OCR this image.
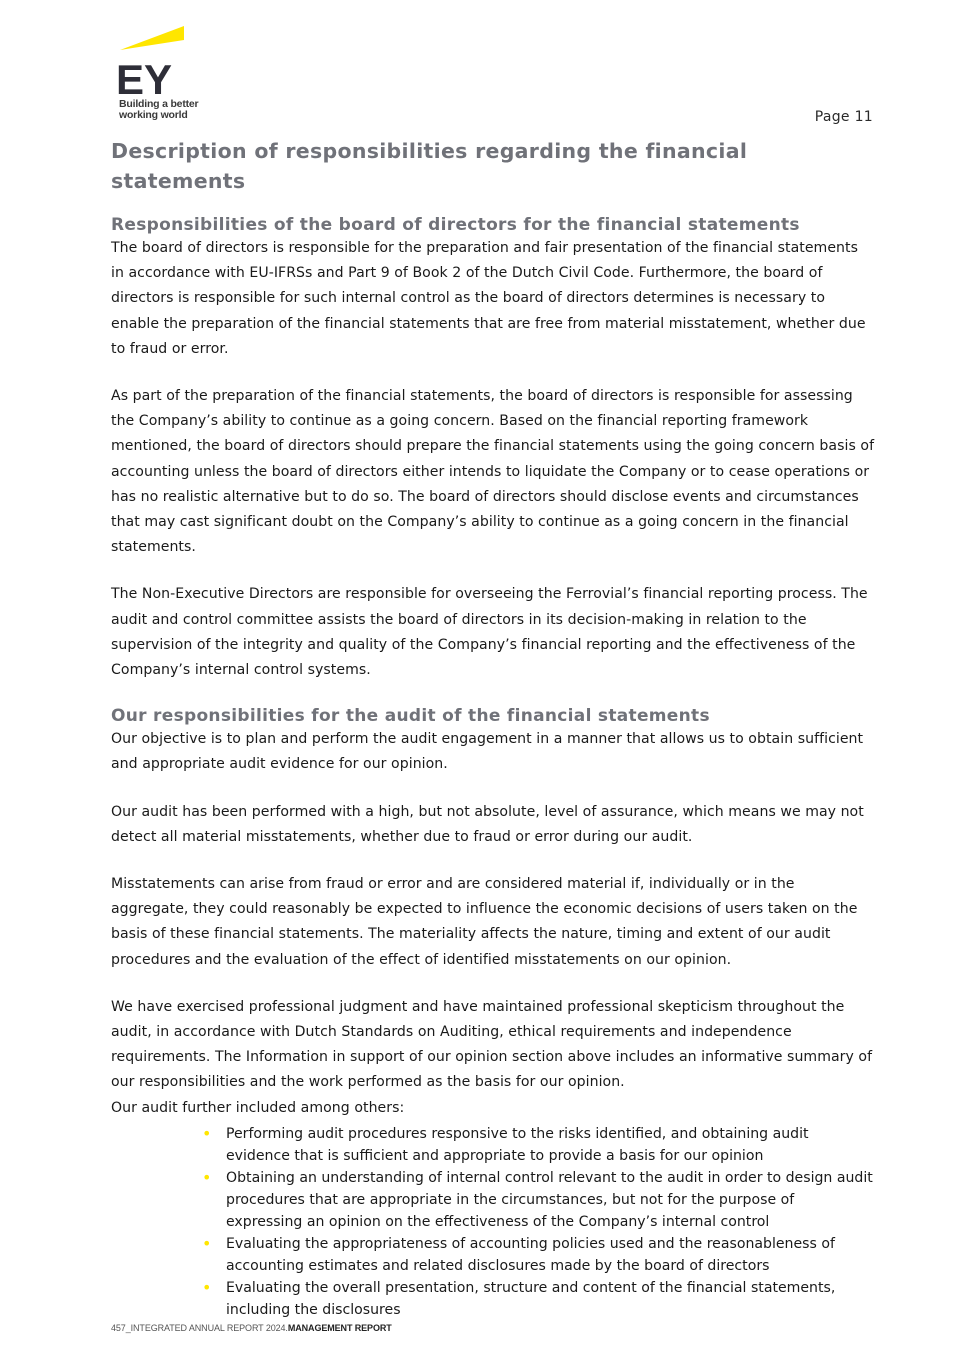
EY
Building a better
working world	Page 11
Description of responsibilities regarding the financial statements
Responsibilities of the board of directors for the financial statements

The board of directors is responsible for the preparation and fair presentation of the financial statements in accordance with EU-IFRSs and Part 9 of Book 2 of the Dutch Civil Code. Furthermore, the board of directors is responsible for such internal control as the board of directors determines is necessary to enable the preparation of the financial statements that are free from material misstatement, whether due to fraud or error.

As part of the preparation of the financial statements, the board of directors is responsible for assessing the Company’s ability to continue as a going concern. Based on the financial reporting framework mentioned, the board of directors should prepare the financial statements using the going concern basis of accounting unless the board of directors either intends to liquidate the Company or to cease operations or has no realistic alternative but to do so. The board of directors should disclose events and circumstances that may cast significant doubt on the Company’s ability to continue as a going concern in the financial statements.

The Non-Executive Directors are responsible for overseeing the Ferrovial’s financial reporting process. The audit and control committee assists the board of directors in its decision-making in relation to the supervision of the integrity and quality of the Company’s financial reporting and the effectiveness of the Company’s internal control systems.

Our responsibilities for the audit of the financial statements

Our objective is to plan and perform the audit engagement in a manner that allows us to obtain sufficient and appropriate audit evidence for our opinion.

Our audit has been performed with a high, but not absolute, level of assurance, which means we may not detect all material misstatements, whether due to fraud or error during our audit.

Misstatements can arise from fraud or error and are considered material if, individually or in the aggregate, they could reasonably be expected to influence the economic decisions of users taken on the basis of these financial statements. The materiality affects the nature, timing and extent of our audit procedures and the evaluation of the effect of identified misstatements on our opinion.

We have exercised professional judgment and have maintained professional skepticism throughout the audit, in accordance with Dutch Standards on Auditing, ethical requirements and independence requirements. The Information in support of our opinion section above includes an informative summary of our responsibilities and the work performed as the basis for our opinion.

Our audit further included among others:

• Performing audit procedures responsive to the risks identified, and obtaining audit evidence that is sufficient and appropriate to provide a basis for our opinion
• Obtaining an understanding of internal control relevant to the audit in order to design audit procedures that are appropriate in the circumstances, but not for the purpose of expressing an opinion on the effectiveness of the Company’s internal control
• Evaluating the appropriateness of accounting policies used and the reasonableness of accounting estimates and related disclosures made by the board of directors
• Evaluating the overall presentation, structure and content of the financial statements, including the disclosures
457_INTEGRATED ANNUAL REPORT 2024.MANAGEMENT REPORT
